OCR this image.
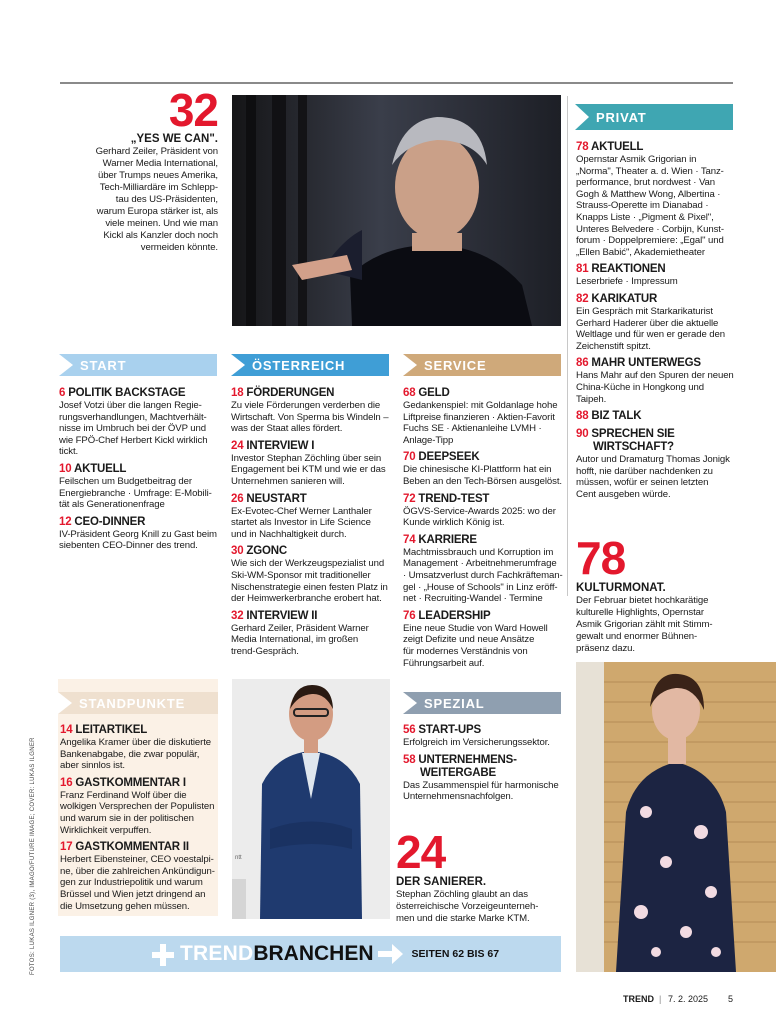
32
„YES WE CAN".
Gerhard Zeiler, Präsident von
Warner Media International,
über Trumps neues Amerika,
Tech-Milliardäre im Schlepp-
tau des US-Präsidenten,
warum Europa stärker ist, als
viele meinen. Und wie man
Kickl als Kanzler doch noch
vermeiden könnte.
START
6 POLITIK BACKSTAGE
Josef Votzi über die langen Regie-
rungsverhandlungen, Machtverhält-
nisse im Umbruch bei der ÖVP und
wie FPÖ-Chef Herbert Kickl wirklich
tickt.
10 AKTUELL
Feilschen um Budgetbeitrag der
Energiebranche · Umfrage: E-Mobili-
tät als Generationenfrage
12 CEO-DINNER
IV-Präsident Georg Knill zu Gast beim
siebenten CEO-Dinner des trend.
ÖSTERREICH
18 FÖRDERUNGEN
Zu viele Förderungen verderben die
Wirtschaft. Von Sperma bis Windeln –
was der Staat alles fördert.
24 INTERVIEW I
Investor Stephan Zöchling über sein
Engagement bei KTM und wie er das
Unternehmen sanieren will.
26 NEUSTART
Ex-Evotec-Chef Werner Lanthaler
startet als Investor in Life Science
und in Nachhaltigkeit durch.
30 ZGONC
Wie sich der Werkzeugspezialist und
Ski-WM-Sponsor mit traditioneller
Nischenstrategie einen festen Platz in
der Heimwerkerbranche erobert hat.
32 INTERVIEW II
Gerhard Zeiler, Präsident Warner
Media International, im großen
trend-Gespräch.
SERVICE
68 GELD
Gedankenspiel: mit Goldanlage hohe
Liftpreise finanzieren · Aktien-Favorit
Fuchs SE · Aktienanleihe LVMH ·
Anlage-Tipp
70 DEEPSEEK
Die chinesische KI-Plattform hat ein
Beben an den Tech-Börsen ausgelöst.
72 TREND-TEST
ÖGVS-Service-Awards 2025: wo der
Kunde wirklich König ist.
74 KARRIERE
Machtmissbrauch und Korruption im
Management · Arbeitnehmerumfrage
· Umsatzverlust durch Fachkräfteman-
gel · „House of Schools" in Linz eröff-
net · Recruiting-Wandel · Termine
76 LEADERSHIP
Eine neue Studie von Ward Howell
zeigt Defizite und neue Ansätze
für modernes Verständnis von
Führungsarbeit auf.
PRIVAT
78 AKTUELL
Opernstar Asmik Grigorian in
„Norma", Theater a. d. Wien · Tanz-
performance, brut nordwest · Van
Gogh & Matthew Wong, Albertina ·
Strauss-Operette im Dianabad ·
Knapps Liste · „Pigment & Pixel",
Unteres Belvedere · Corbijn, Kunst-
forum · Doppelpremiere: „Egal" und
„Ellen Babić", Akademietheater
81 REAKTIONEN
Leserbriefe · Impressum
82 KARIKATUR
Ein Gespräch mit Starkarikaturist
Gerhard Haderer über die aktuelle
Weltlage und für wen er gerade den
Zeichenstift spitzt.
86 MAHR UNTERWEGS
Hans Mahr auf den Spuren der neuen
China-Küche in Hongkong und Taipeh.
88 BIZ TALK
90 SPRECHEN SIE
WIRTSCHAFT?
Autor und Dramaturg Thomas Jonigk
hofft, nie darüber nachdenken zu
müssen, wofür er seinen letzten
Cent ausgeben würde.
78
KULTURMONAT.
Der Februar bietet hochkarätige
kulturelle Highlights, Opernstar
Asmik Grigorian zählt mit Stimm-
gewalt und enormer Bühnen-
präsenz dazu.
STANDPUNKTE
14 LEITARTIKEL
Angelika Kramer über die diskutierte
Bankenabgabe, die zwar populär,
aber sinnlos ist.
16 GASTKOMMENTAR I
Franz Ferdinand Wolf über die
wolkigen Versprechen der Populisten
und warum sie in der politischen
Wirklichkeit verpuffen.
17 GASTKOMMENTAR II
Herbert Eibensteiner, CEO voestalpi-
ne, über die zahlreichen Ankündigun-
gen zur Industriepolitik und warum
Brüssel und Wien jetzt dringend an
die Umsetzung gehen müssen.
ntt
SPEZIAL
56 START-UPS
Erfolgreich im Versicherungssektor.
58 UNTERNEHMENS-
WEITERGABE
Das Zusammenspiel für harmonische
Unternehmensnachfolgen.
24
DER SANIERER.
Stephan Zöchling glaubt an das
österreichische Vorzeigeunterneh-
men und die starke Marke KTM.
FOTOS: LUKAS ILGNER (3), IMAGO/FUTURE IMAGE; COVER: LUKAS ILGNER	TREND BRANCHEN	SEITEN 62 BIS 67
TREND | 7. 2. 2025 5
